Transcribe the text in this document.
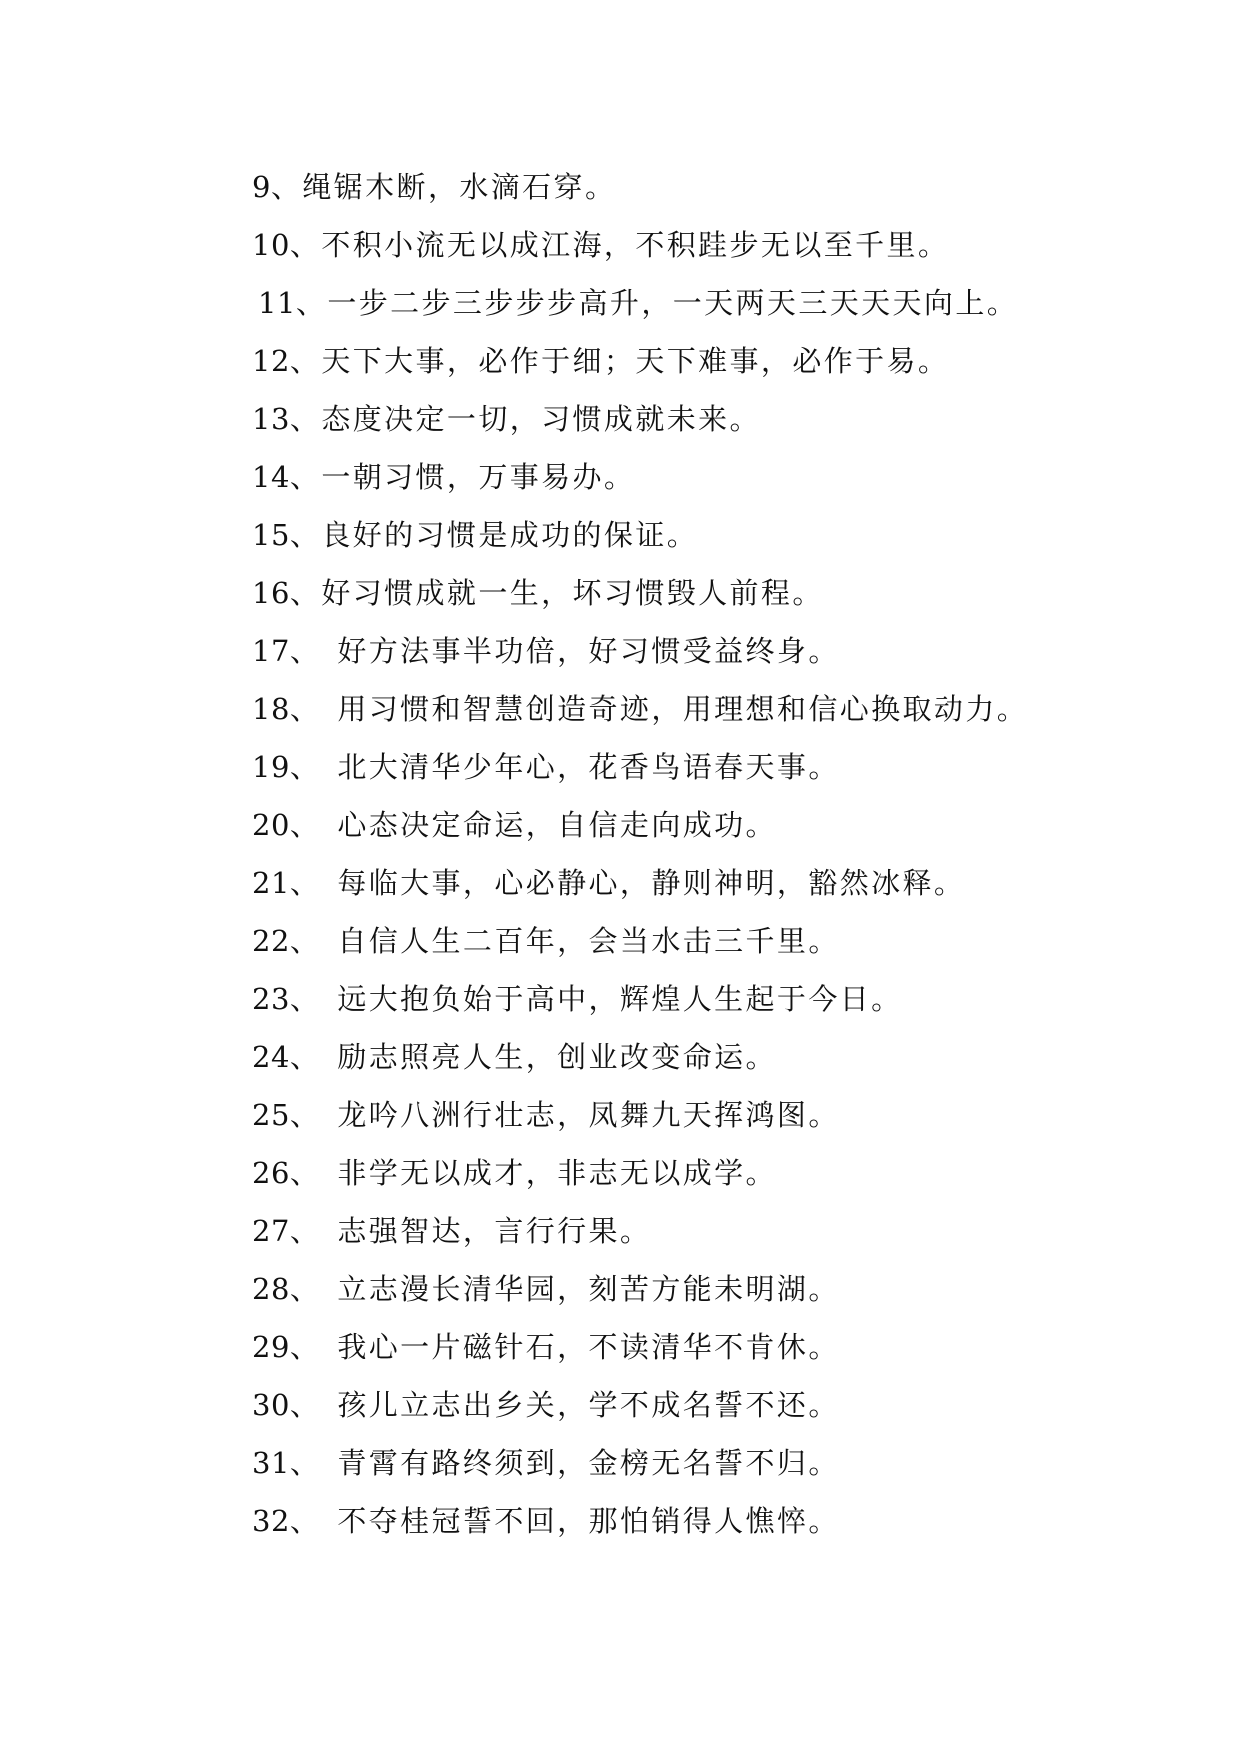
9、绳锯木断，水滴石穿。
10、不积小流无以成江海，不积跬步无以至千里。
11、一步二步三步步步高升，一天两天三天天天向上。
12、天下大事，必作于细；天下难事，必作于易。
13、态度决定一切，习惯成就未来。
14、一朝习惯，万事易办。
15、良好的习惯是成功的保证。
16、好习惯成就一生，坏习惯毁人前程。
17、 好方法事半功倍，好习惯受益终身。
18、 用习惯和智慧创造奇迹，用理想和信心换取动力。
19、 北大清华少年心，花香鸟语春天事。
20、 心态决定命运，自信走向成功。
21、 每临大事，心必静心，静则神明，豁然冰释。
22、 自信人生二百年，会当水击三千里。
23、 远大抱负始于高中，辉煌人生起于今日。
24、 励志照亮人生，创业改变命运。
25、 龙吟八洲行壮志，凤舞九天挥鸿图。
26、 非学无以成才，非志无以成学。
27、 志强智达，言行行果。
28、 立志漫长清华园，刻苦方能未明湖。
29、 我心一片磁针石，不读清华不肯休。
30、 孩儿立志出乡关，学不成名誓不还。
31、 青霄有路终须到，金榜无名誓不归。
32、 不夺桂冠誓不回，那怕销得人憔悴。
